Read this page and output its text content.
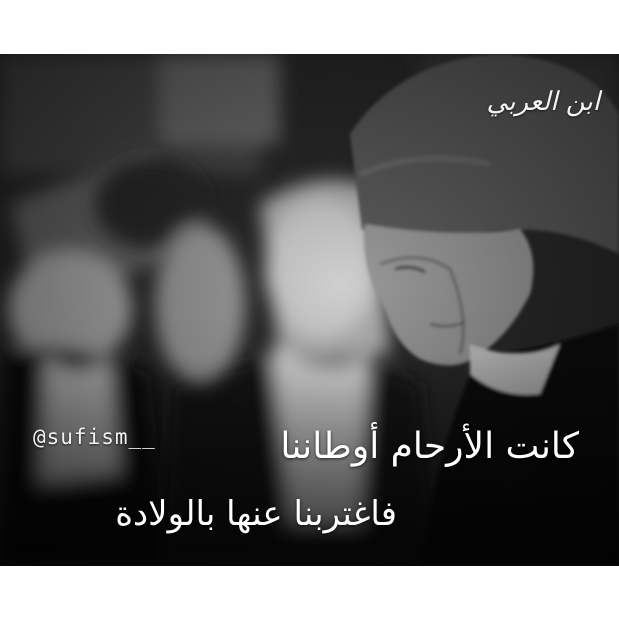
ابن العربي
@sufism__	كانت الأرحام أوطاننا
فاغتربنا عنها بالولادة
